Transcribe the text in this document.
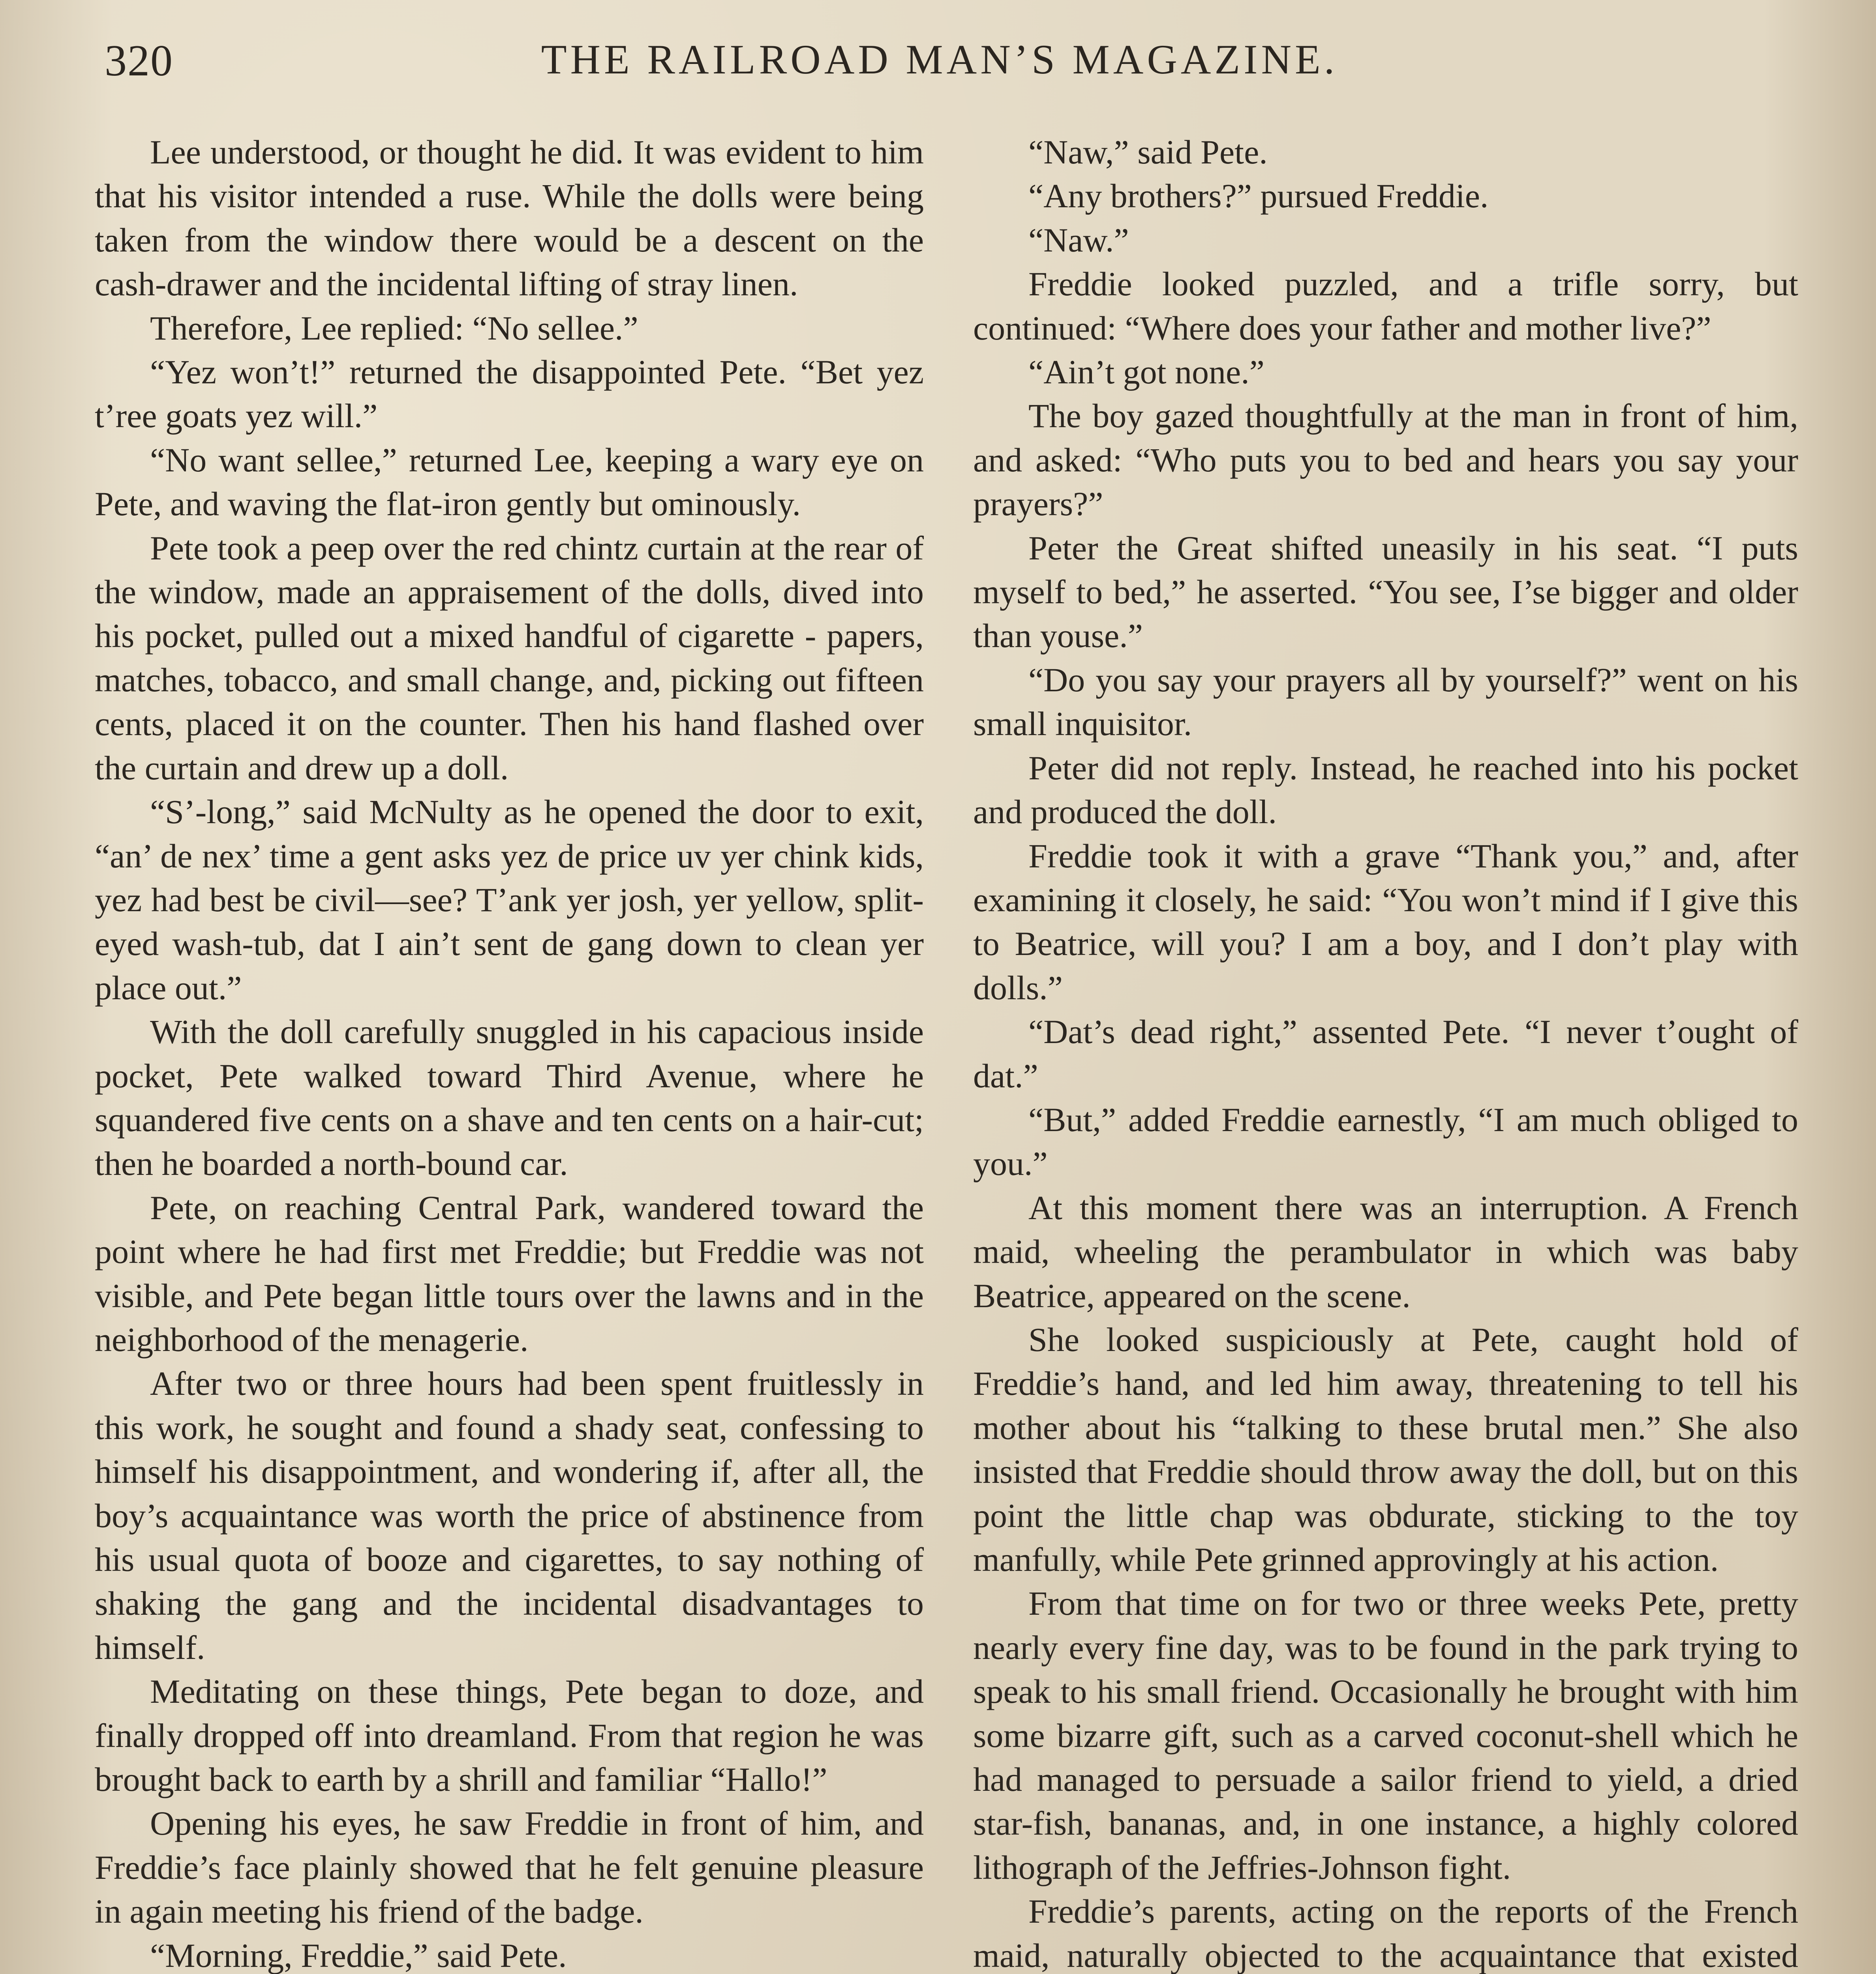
320	THE RAILROAD MAN’S MAGAZINE.

Lee understood, or thought he did. It was evident to him that his visitor intended a ruse. While the dolls were being taken from the window there would be a descent on the cash-drawer and the incidental lifting of stray linen.

Therefore, Lee replied: “No sellee.”

“Yez won’t!” returned the disappointed Pete. “Bet yez t’ree goats yez will.”

“No want sellee,” returned Lee, keeping a wary eye on Pete, and waving the flat-iron gently but ominously.

Pete took a peep over the red chintz curtain at the rear of the window, made an appraisement of the dolls, dived into his pocket, pulled out a mixed handful of cigarette - papers, matches, tobacco, and small change, and, picking out fifteen cents, placed it on the counter. Then his hand flashed over the curtain and drew up a doll.

“S’-long,” said McNulty as he opened the door to exit, “an’ de nex’ time a gent asks yez de price uv yer chink kids, yez had best be civil—see? T’ank yer josh, yer yellow, split-eyed wash-tub, dat I ain’t sent de gang down to clean yer place out.”

With the doll carefully snuggled in his capacious inside pocket, Pete walked toward Third Avenue, where he squandered five cents on a shave and ten cents on a hair-cut; then he boarded a north-bound car.

Pete, on reaching Central Park, wandered toward the point where he had first met Freddie; but Freddie was not visible, and Pete began little tours over the lawns and in the neighborhood of the menagerie.

After two or three hours had been spent fruitlessly in this work, he sought and found a shady seat, confessing to himself his disappointment, and wondering if, after all, the boy’s acquaintance was worth the price of abstinence from his usual quota of booze and cigarettes, to say nothing of shaking the gang and the incidental disadvantages to himself.

Meditating on these things, Pete began to doze, and finally dropped off into dreamland. From that region he was brought back to earth by a shrill and familiar “Hallo!”

Opening his eyes, he saw Freddie in front of him, and Freddie’s face plainly showed that he felt genuine pleasure in again meeting his friend of the badge.

“Morning, Freddie,” said Pete.

“Naw,” said Pete.

“Any brothers?” pursued Freddie.

“Naw.”

Freddie looked puzzled, and a trifle sorry, but continued: “Where does your father and mother live?”

“Ain’t got none.”

The boy gazed thoughtfully at the man in front of him, and asked: “Who puts you to bed and hears you say your prayers?”

Peter the Great shifted uneasily in his seat. “I puts myself to bed,” he asserted. “You see, I’se bigger and older than youse.”

“Do you say your prayers all by yourself?” went on his small inquisitor.

Peter did not reply. Instead, he reached into his pocket and produced the doll.

Freddie took it with a grave “Thank you,” and, after examining it closely, he said: “You won’t mind if I give this to Beatrice, will you? I am a boy, and I don’t play with dolls.”

“Dat’s dead right,” assented Pete. “I never t’ought of dat.”

“But,” added Freddie earnestly, “I am much obliged to you.”

At this moment there was an interruption. A French maid, wheeling the perambulator in which was baby Beatrice, appeared on the scene.

She looked suspiciously at Pete, caught hold of Freddie’s hand, and led him away, threatening to tell his mother about his “talking to these brutal men.” She also insisted that Freddie should throw away the doll, but on this point the little chap was obdurate, sticking to the toy manfully, while Pete grinned approvingly at his action.

From that time on for two or three weeks Pete, pretty nearly every fine day, was to be found in the park trying to speak to his small friend. Occasionally he brought with him some bizarre gift, such as a carved coconut-shell which he had managed to persuade a sailor friend to yield, a dried star-fish, bananas, and, in one instance, a highly colored lithograph of the Jeffries-Johnson fight.

Freddie’s parents, acting on the reports of the French maid, naturally objected to the acquaintance that existed
